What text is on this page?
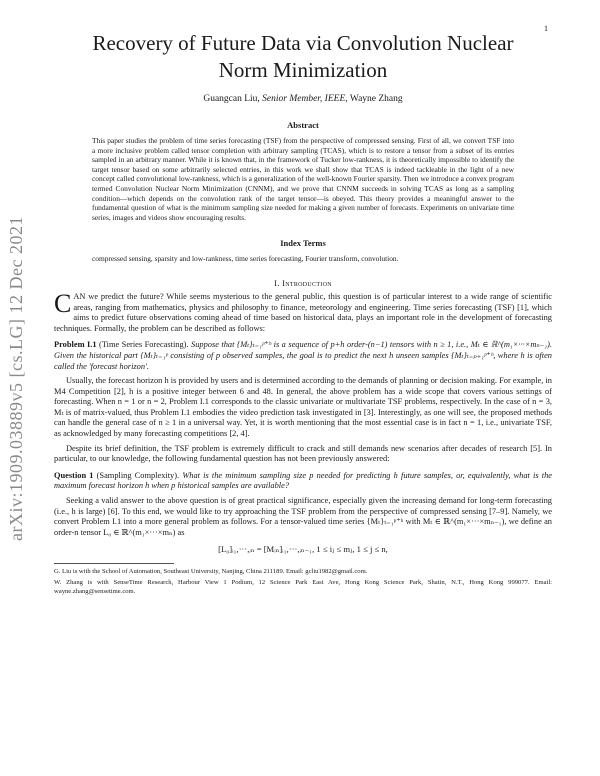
1
arXiv:1909.03889v5 [cs.LG] 12 Dec 2021
Recovery of Future Data via Convolution Nuclear Norm Minimization
Guangcan Liu, Senior Member, IEEE, Wayne Zhang
Abstract
This paper studies the problem of time series forecasting (TSF) from the perspective of compressed sensing. First of all, we convert TSF into a more inclusive problem called tensor completion with arbitrary sampling (TCAS), which is to restore a tensor from a subset of its entries sampled in an arbitrary manner. While it is known that, in the framework of Tucker low-rankness, it is theoretically impossible to identify the target tensor based on some arbitrarily selected entries, in this work we shall show that TCAS is indeed tackleable in the light of a new concept called convolutional low-rankness, which is a generalization of the well-known Fourier sparsity. Then we introduce a convex program termed Convolution Nuclear Norm Minimization (CNNM), and we prove that CNNM succeeds in solving TCAS as long as a sampling condition—which depends on the convolution rank of the target tensor—is obeyed. This theory provides a meaningful answer to the fundamental question of what is the minimum sampling size needed for making a given number of forecasts. Experiments on univariate time series, images and videos show encouraging results.
Index Terms
compressed sensing, sparsity and low-rankness, time series forecasting, Fourier transform, convolution.
I. Introduction

CAN we predict the future? While seems mysterious to the general public, this question is of particular interest to a wide range of scientific areas, ranging from mathematics, physics and philosophy to finance, meteorology and engineering. Time series forecasting (TSF) [1], which aims to predict future observations coming ahead of time based on historical data, plays an important role in the development of forecasting techniques. Formally, the problem can be described as follows:

Problem I.1 (Time Series Forecasting). Suppose that {Mₜ}ₜ₌₁ᵖ⁺ʰ is a sequence of p+h order-(n−1) tensors with n ≥ 1, i.e., Mₜ ∈ ℝ^(m₁×···×mₙ₋₁). Given the historical part {Mₜ}ₜ₌₁ᵖ consisting of p observed samples, the goal is to predict the next h unseen samples {Mₜ}ₜ₌ₚ₊₁ᵖ⁺ʰ, where h is often called the 'forecast horizon'.

Usually, the forecast horizon h is provided by users and is determined according to the demands of planning or decision making. For example, in M4 Competition [2], h is a positive integer between 6 and 48. In general, the above problem has a wide scope that covers various settings of forecasting. When n = 1 or n = 2, Problem I.1 corresponds to the classic univariate or multivariate TSF problems, respectively. In the case of n = 3, Mₜ is of matrix-valued, thus Problem I.1 embodies the video prediction task investigated in [3]. Interestingly, as one will see, the proposed methods can handle the general case of n ≥ 1 in a universal way. Yet, it is worth mentioning that the most essential case is in fact n = 1, i.e., univariate TSF, as acknowledged by many forecasting competitions [2, 4].

Despite its brief definition, the TSF problem is extremely difficult to crack and still demands new scenarios after decades of research [5]. In particular, to our knowledge, the following fundamental question has not been previously answered:

Question 1 (Sampling Complexity). What is the minimum sampling size p needed for predicting h future samples, or, equivalently, what is the maximum forecast horizon h when p historical samples are available?

Seeking a valid answer to the above question is of great practical significance, especially given the increasing demand for long-term forecasting (i.e., h is large) [6]. To this end, we would like to try approaching the TSF problem from the perspective of compressed sensing [7–9]. Namely, we convert Problem I.1 into a more general problem as follows. For a tensor-valued time series {Mₜ}ₜ₌₁ᵖ⁺ʰ with Mₜ ∈ ℝ^(m₁×···×mₙ₋₁), we define an order-n tensor L₀ ∈ ℝ^(m₁×···×mₙ) as

[L₀]ᵢ₁,···,ᵢₙ = [Mᵢₙ]ᵢ₁,···,ᵢₙ₋₁, 1 ≤ iⱼ ≤ mⱼ, 1 ≤ j ≤ n,

G. Liu is with the School of Automation, Southeast University, Nanjing, China 211189. Email: gcliu1982@gmail.com.

W. Zhang is with SenseTime Research, Harbour View 1 Podium, 12 Science Park East Ave, Hong Kong Science Park, Shatin, N.T., Hong Kong 999077. Email: wayne.zhang@sensetime.com.
